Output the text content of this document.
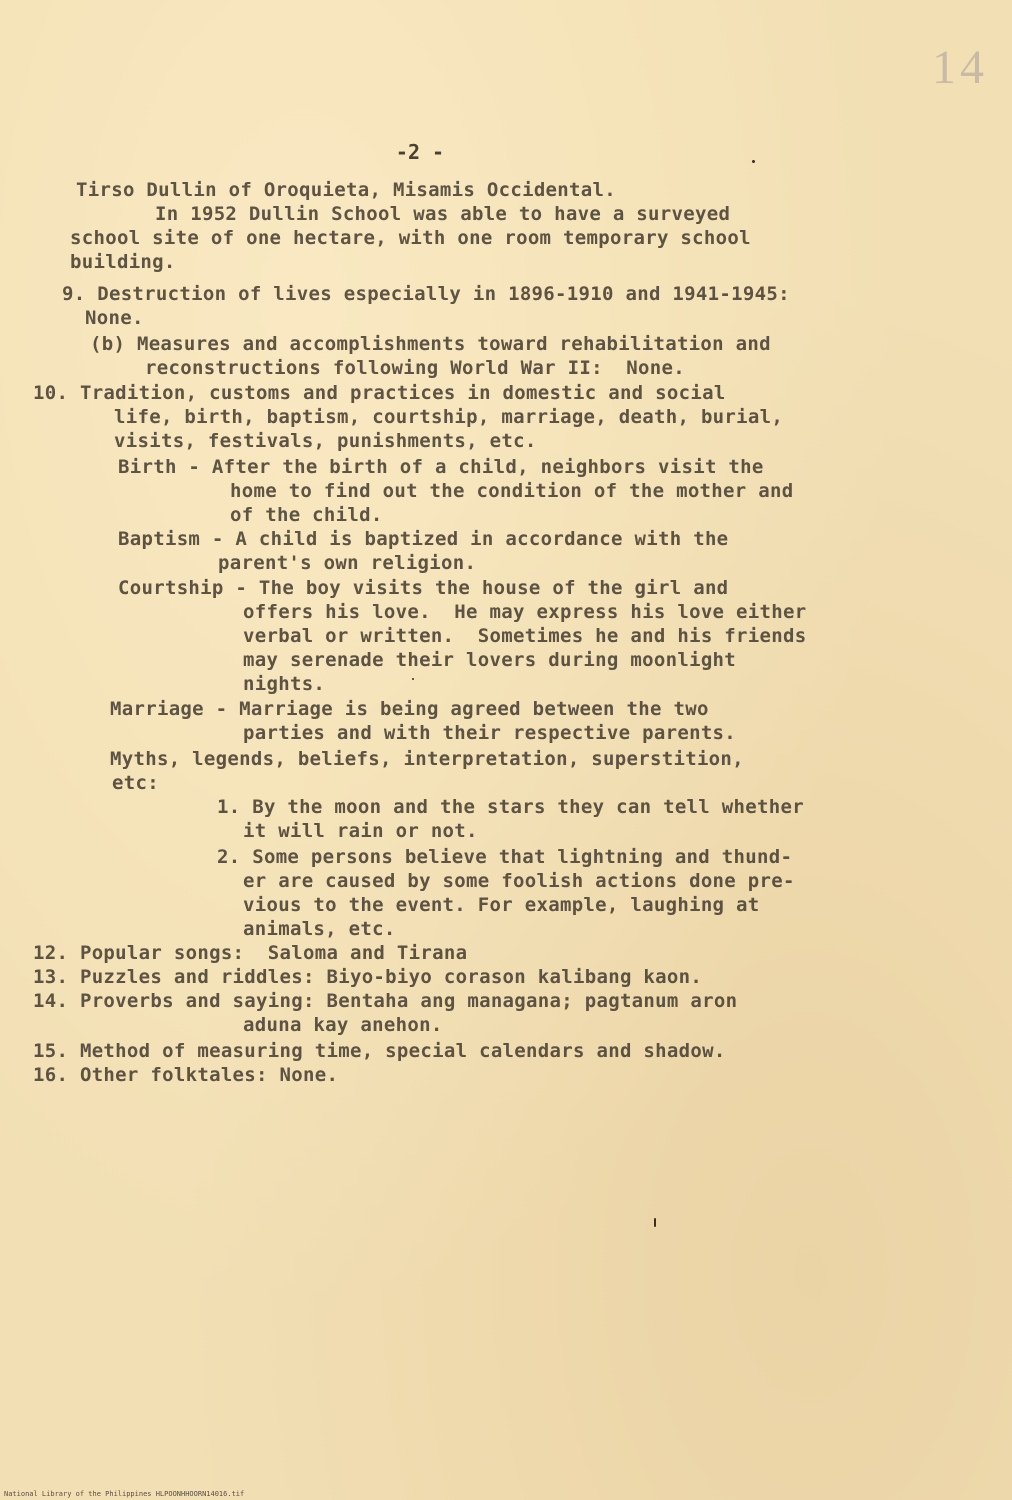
14
-2 -
Tirso Dullin of Oroquieta, Misamis Occidental.
In 1952 Dullin School was able to have a surveyed
school site of one hectare, with one room temporary school
building.
9. Destruction of lives especially in 1896-1910 and 1941-1945:
None.
(b) Measures and accomplishments toward rehabilitation and
reconstructions following World War II:  None.
10. Tradition, customs and practices in domestic and social
life, birth, baptism, courtship, marriage, death, burial,
visits, festivals, punishments, etc.
Birth - After the birth of a child, neighbors visit the
home to find out the condition of the mother and
of the child.
Baptism - A child is baptized in accordance with the
parent's own religion.
Courtship - The boy visits the house of the girl and
offers his love.  He may express his love either
verbal or written.  Sometimes he and his friends
may serenade their lovers during moonlight
nights.
Marriage - Marriage is being agreed between the two
parties and with their respective parents.
Myths, legends, beliefs, interpretation, superstition,
etc:
1. By the moon and the stars they can tell whether
it will rain or not.
2. Some persons believe that lightning and thund-
er are caused by some foolish actions done pre-
vious to the event. For example, laughing at
animals, etc.
12. Popular songs:  Saloma and Tirana
13. Puzzles and riddles: Biyo-biyo corason kalibang kaon.
14. Proverbs and saying: Bentaha ang managana; pagtanum aron
aduna kay anehon.
15. Method of measuring time, special calendars and shadow.
16. Other folktales: None.
National Library of the Philippines HLPOONHHOORN14016.tif
